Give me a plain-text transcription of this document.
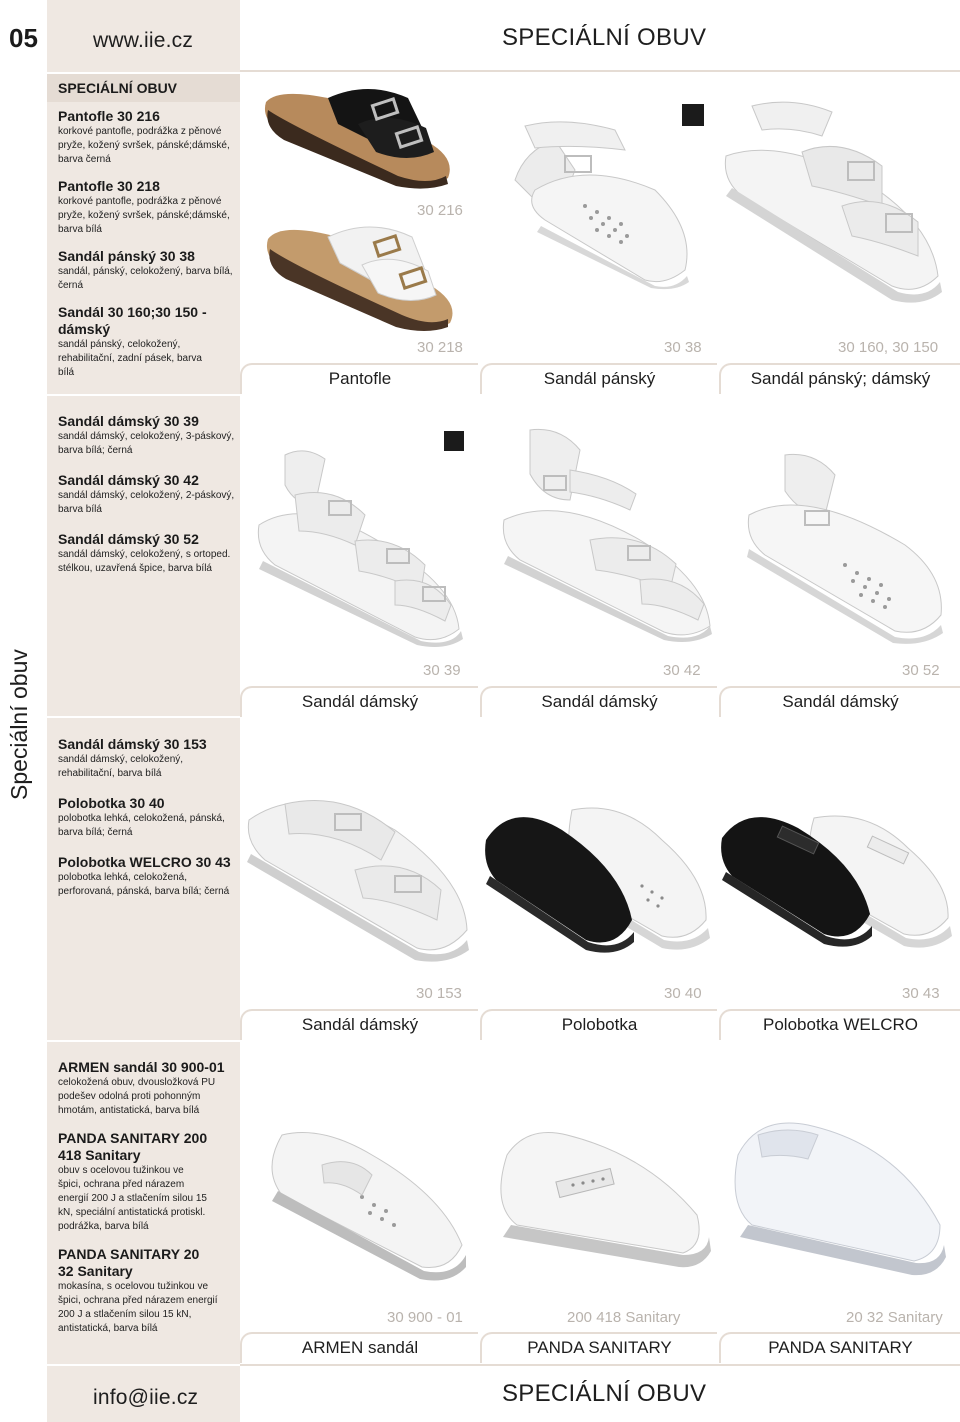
05	www.iie.cz	SPECIÁLNÍ OBUV
SPECIÁLNÍ OBUV
Speciální obuv
Pantofle 30 216
korkové pantofle, podrážka z pěnové pryže, kožený svršek, pánské;dámské, barva černá
Pantofle 30 218
korkové pantofle, podrážka z pěnové pryže, kožený svršek, pánské;dámské, barva bílá
Sandál pánský 30 38
sandál, pánský, celokožený, barva bílá, černá
Sandál 30 160;30 150 - dámský
sandál pánský, celokožený, rehabilitační, zadní pásek, barva bílá
Sandál dámský 30 39
sandál dámský, celokožený, 3-páskový, barva bílá; černá
Sandál dámský 30 42
sandál dámský, celokožený, 2-páskový, barva bílá
Sandál dámský 30 52
sandál dámský, celokožený, s ortoped. stélkou, uzavřená špice, barva bílá
Sandál dámský 30 153
sandál dámský, celokožený, rehabilitační, barva bílá
Polobotka 30 40
polobotka lehká, celokožená, pánská, barva bílá; černá
Polobotka WELCRO 30 43
polobotka lehká, celokožená, perforovaná, pánská, barva bílá; černá
ARMEN sandál 30 900-01
celokožená obuv, dvousložková PU podešev odolná proti pohonným hmotám, antistatická, barva bílá
PANDA SANITARY 200 418 Sanitary
obuv s ocelovou tužinkou ve špici, ochrana před nárazem energií 200 J a stlačením silou 15 kN, speciální antistatická protiskl. podrážka, barva bílá
PANDA SANITARY 20 32 Sanitary
mokasína, s ocelovou tužinkou ve špici, ochrana před nárazem energií 200 J a stlačením silou 15 kN, antistatická, barva bílá
30 216
30 218	30 38	30 160, 30 150
Pantofle	Sandál pánský	Sandál pánský; dámský
30 39	30 42	30 52
Sandál dámský	Sandál dámský	Sandál dámský
30 153	30 40	30 43
Sandál dámský	Polobotka	Polobotka WELCRO
30 900 - 01	200 418 Sanitary	20 32 Sanitary
ARMEN sandál	PANDA SANITARY	PANDA SANITARY
info@iie.cz	SPECIÁLNÍ OBUV
